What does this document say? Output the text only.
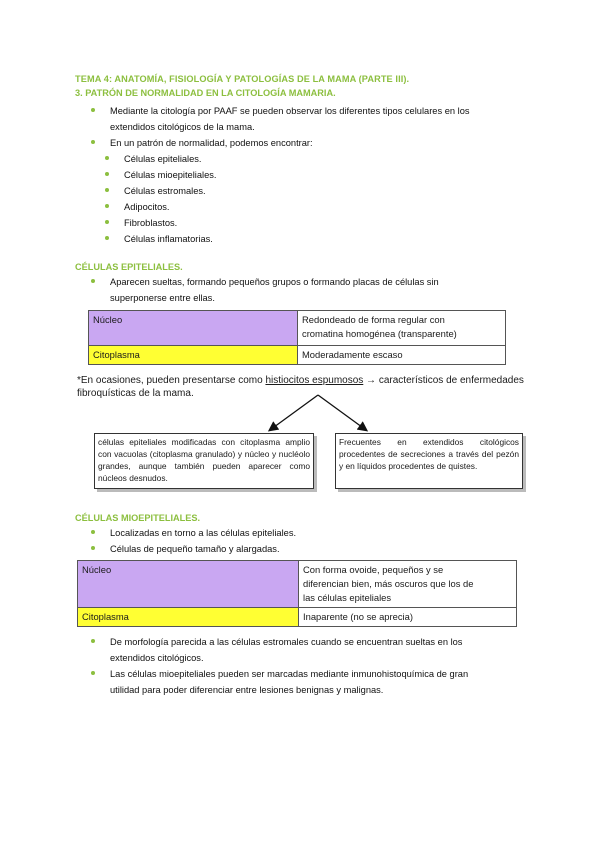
TEMA 4: ANATOMÍA, FISIOLOGÍA Y PATOLOGÍAS DE LA MAMA (PARTE III).
3. PATRÓN DE NORMALIDAD EN LA CITOLOGÍA MAMARIA.
Mediante la citología por PAAF se pueden observar los diferentes tipos celulares en los
extendidos citológicos de la mama.
En un patrón de normalidad, podemos encontrar:
Células epiteliales.
Células mioepiteliales.
Células estromales.
Adipocitos.
Fibroblastos.
Células inflamatorias.
CÉLULAS EPITELIALES.
Aparecen sueltas, formando pequeños grupos o formando placas de células sin
superponerse entre ellas.
Núcleo	Redondeado de forma regular con
cromatina homogénea (transparente)

Citoplasma	Moderadamente escaso
*En ocasiones, pueden presentarse como histiocitos espumosos → característicos de enfermedades fibroquísticas de la mama.
células epiteliales modificadas con citoplasma amplio con vacuolas (citoplasma granulado) y núcleo y nucléolo grandes, aunque también pueden aparecer como núcleos desnudos.
Frecuentes en extendidos citológicos procedentes de secreciones a través del pezón y en líquidos procedentes de quistes.
CÉLULAS MIOEPITELIALES.
Localizadas en torno a las células epiteliales.
Células de pequeño tamaño y alargadas.
Núcleo	Con forma ovoide, pequeños y se
diferencian bien, más oscuros que los de
las células epiteliales

Citoplasma	Inaparente (no se aprecia)
De morfología parecida a las células estromales cuando se encuentran sueltas en los
extendidos citológicos.
Las células mioepiteliales pueden ser marcadas mediante inmunohistoquímica de gran
utilidad para poder diferenciar entre lesiones benignas y malignas.
